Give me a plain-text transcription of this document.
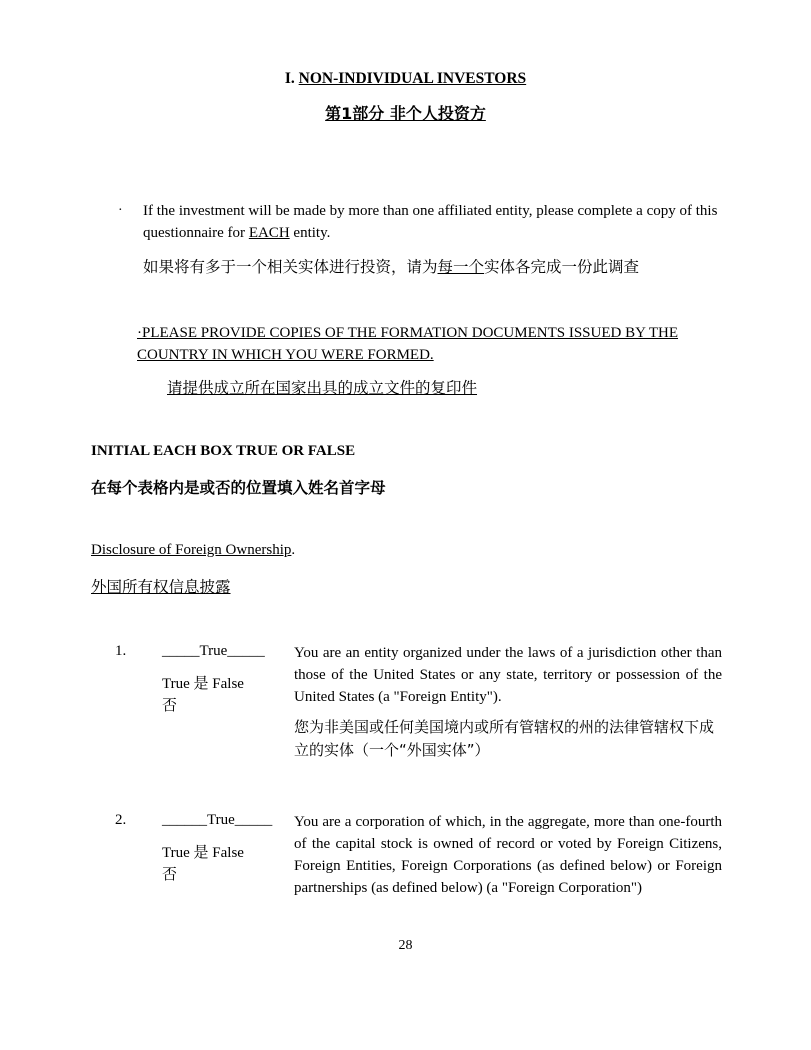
I. NON-INDIVIDUAL INVESTORS
第1部分 非个人投资方
· If the investment will be made by more than one affiliated entity, please complete a copy of this questionnaire for EACH entity.
如果将有多于一个相关实体进行投资，请为每一个实体各完成一份此调查
·PLEASE PROVIDE COPIES OF THE FORMATION DOCUMENTS ISSUED BY THE COUNTRY IN WHICH YOU WERE FORMED.
请提供成立所在国家出具的成立文件的复印件
INITIAL EACH BOX TRUE OR FALSE
在每个表格内是或否的位置填入姓名首字母
Disclosure of Foreign Ownership.
外国所有权信息披露
1. _____True_____
True 是 False
否
You are an entity organized under the laws of a jurisdiction other than those of the United States or any state, territory or possession of the United States (a "Foreign Entity").
您为非美国或任何美国境内或所有管辖权的州的法律管辖权下成立的实体（一个“外国实体”）
2. ______True_____
True 是 False
否
You are a corporation of which, in the aggregate, more than one-fourth of the capital stock is owned of record or voted by Foreign Citizens, Foreign Entities, Foreign Corporations (as defined below) or Foreign partnerships (as defined below) (a "Foreign Corporation")
28
